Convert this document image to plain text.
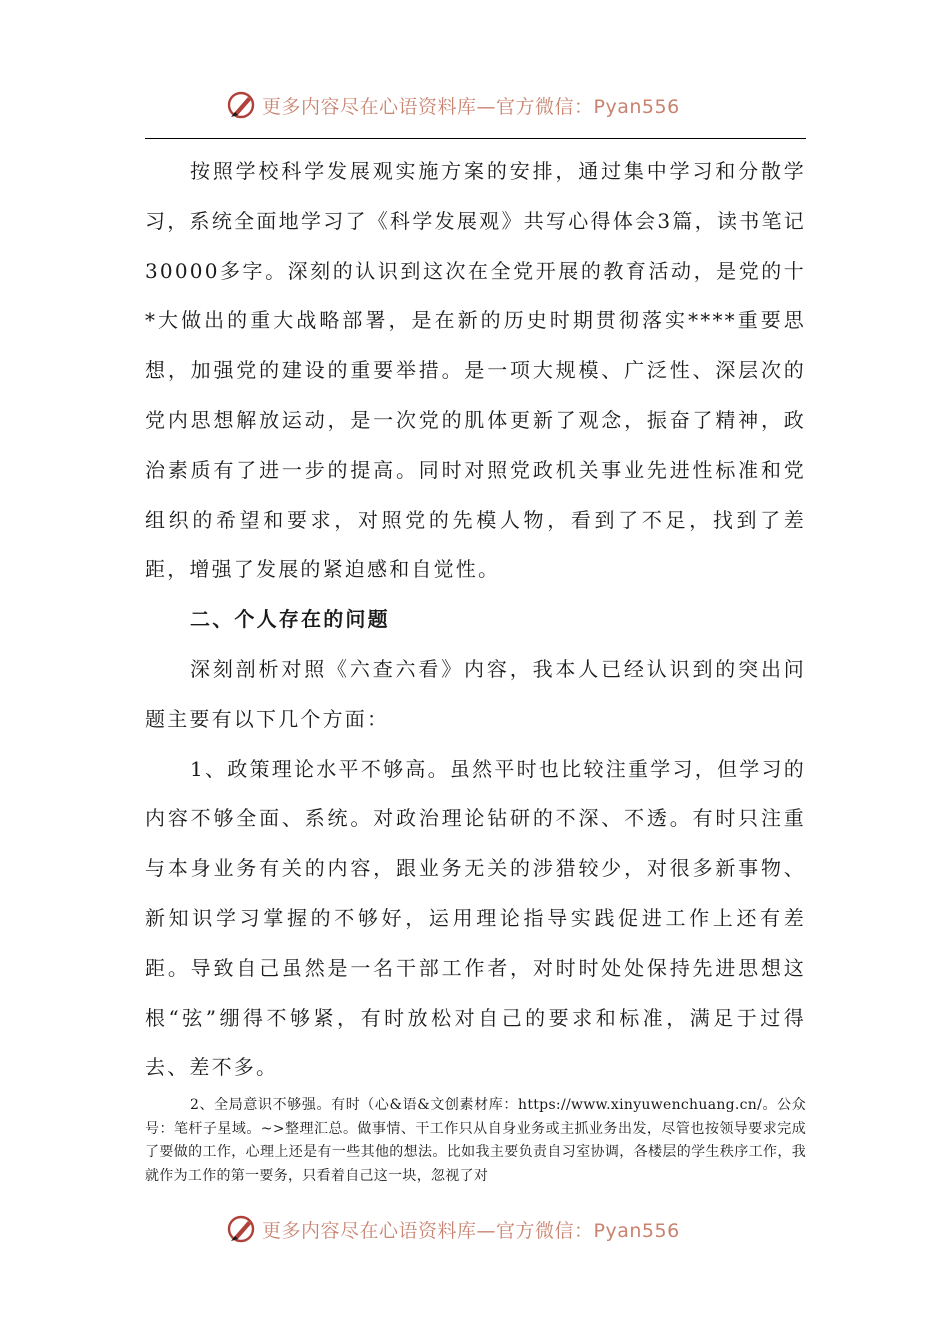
更多内容尽在心语资料库—官方微信：Pyan556

按照学校科学发展观实施方案的安排，通过集中学习和分散学习，系统全面地学习了《科学发展观》共写心得体会3篇，读书笔记30000多字。深刻的认识到这次在全党开展的教育活动，是党的十*大做出的重大战略部署，是在新的历史时期贯彻落实****重要思想，加强党的建设的重要举措。是一项大规模、广泛性、深层次的党内思想解放运动，是一次党的肌体更新了观念，振奋了精神，政治素质有了进一步的提高。同时对照党政机关事业先进性标准和党组织的希望和要求，对照党的先模人物，看到了不足，找到了差距，增强了发展的紧迫感和自觉性。

二、个人存在的问题

深刻剖析对照《六查六看》内容，我本人已经认识到的突出问题主要有以下几个方面：

1、政策理论水平不够高。虽然平时也比较注重学习，但学习的内容不够全面、系统。对政治理论钻研的不深、不透。有时只注重与本身业务有关的内容，跟业务无关的涉猎较少，对很多新事物、新知识学习掌握的不够好，运用理论指导实践促进工作上还有差距。导致自己虽然是一名干部工作者，对时时处处保持先进思想这根“弦”绷得不够紧，有时放松对自己的要求和标准，满足于过得去、差不多。

2、全局意识不够强。有时（心&语&文创素材库：https://www.xinyuwenchuang.cn/。公众号：笔杆子星域。~>整理汇总。做事情、干工作只从自身业务或主抓业务出发，尽管也按领导要求完成了要做的工作，心理上还是有一些其他的想法。比如我主要负责自习室协调，各楼层的学生秩序工作，我就作为工作的第一要务，只看着自己这一块，忽视了对

更多内容尽在心语资料库—官方微信：Pyan556
